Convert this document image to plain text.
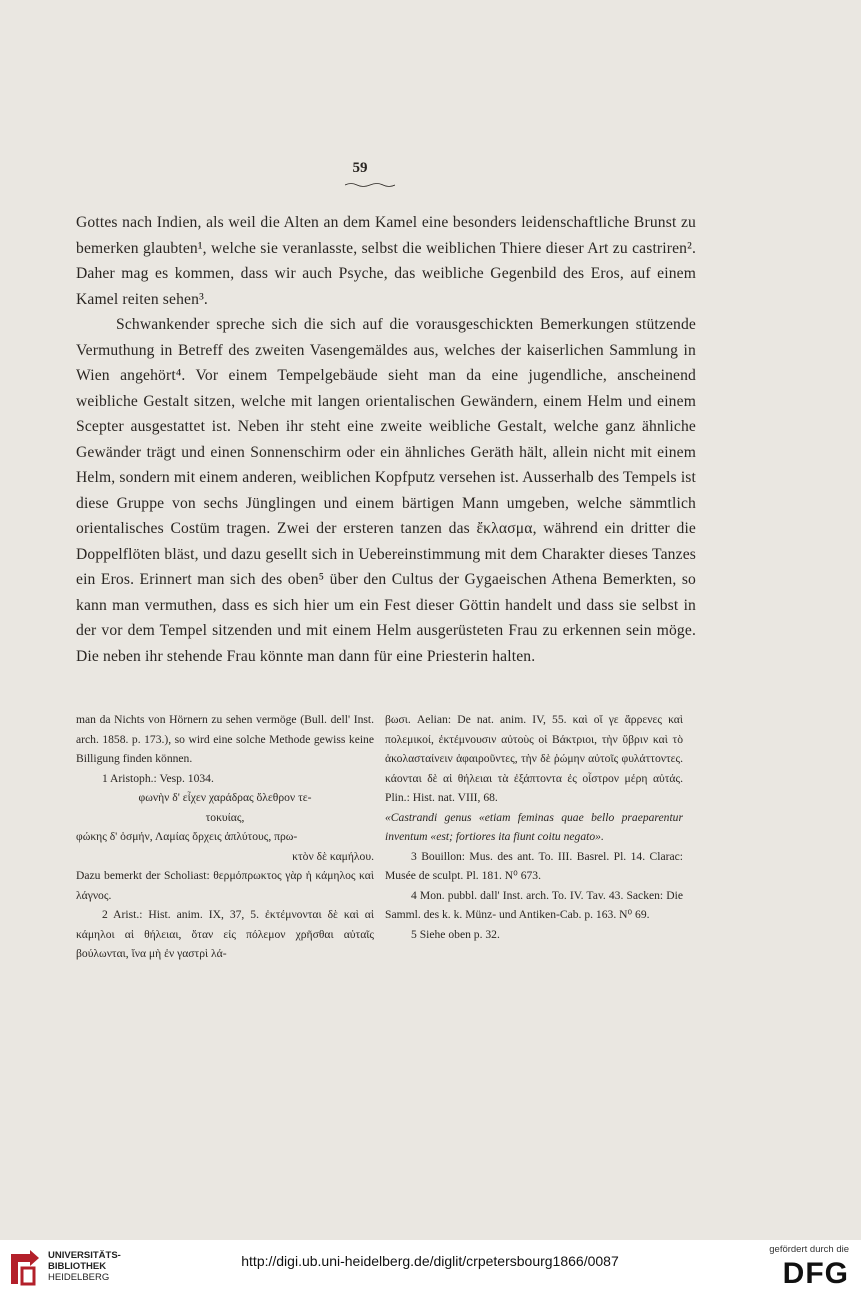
59

Gottes nach Indien, als weil die Alten an dem Kamel eine besonders leidenschaftliche Brunst zu bemerken glaubten¹, welche sie veranlasste, selbst die weiblichen Thiere dieser Art zu castriren². Daher mag es kommen, dass wir auch Psyche, das weibliche Gegenbild des Eros, auf einem Kamel reiten sehen³.

Schwankender spreche sich die sich auf die vorausgeschickten Bemerkungen stützende Vermuthung in Betreff des zweiten Vasengemäldes aus, welches der kaiserlichen Sammlung in Wien angehört⁴. Vor einem Tempelgebäude sieht man da eine jugendliche, anscheinend weibliche Gestalt sitzen, welche mit langen orientalischen Gewändern, einem Helm und einem Scepter ausgestattet ist. Neben ihr steht eine zweite weibliche Gestalt, welche ganz ähnliche Gewänder trägt und einen Sonnenschirm oder ein ähnliches Geräth hält, allein nicht mit einem Helm, sondern mit einem anderen, weiblichen Kopfputz versehen ist. Ausserhalb des Tempels ist diese Gruppe von sechs Jünglingen und einem bärtigen Mann umgeben, welche sämmtlich orientalisches Costüm tragen. Zwei der ersteren tanzen das ἔκλασμα, während ein dritter die Doppelflöten bläst, und dazu gesellt sich in Uebereinstimmung mit dem Charakter dieses Tanzes ein Eros. Erinnert man sich des oben⁵ über den Cultus der Gygaeischen Athena Bemerkten, so kann man vermuthen, dass es sich hier um ein Fest dieser Göttin handelt und dass sie selbst in der vor dem Tempel sitzenden und mit einem Helm ausgerüsteten Frau zu erkennen sein möge. Die neben ihr stehende Frau könnte man dann für eine Priesterin halten.

man da Nichts von Hörnern zu sehen vermöge (Bull. dell' Inst. arch. 1858. p. 173.), so wird eine solche Methode gewiss keine Billigung finden können.

1 Aristoph.: Vesp. 1034.

φωνὴν δ' εἶχεν χαράδρας ὄλεθρον τε-

τοκυίας,

φώκης δ' ὀσμήν, Λαμίας ὄρχεις ἀπλύτους, πρω-

κτὸν δὲ καμήλου.

Dazu bemerkt der Scholiast: θερμόπρωκτος γὰρ ἡ κάμηλος καὶ λάγνος.

2 Arist.: Hist. anim. IX, 37, 5. ἐκτέμνονται δὲ καὶ αἱ κάμηλοι αἱ θήλειαι, ὅταν εἰς πόλεμον χρῆσθαι αὐταῖς βούλωνται, ἵνα μὴ ἐν γαστρὶ λά-

βωσι. Aelian: De nat. anim. IV, 55. καὶ οἵ γε ἄρρενες καὶ πολεμικοί, ἐκτέμνουσιν αὐτοὺς οἱ Βάκτριοι, τὴν ὕβριν καὶ τὸ ἀκολασταίνειν ἀφαιροῦντες, τὴν δὲ ῥώμην αὐτοῖς φυλάττοντες. κάονται δὲ αἱ θήλειαι τὰ ἐξάπτοντα ἐς οἶστρον μέρη αὐτάς. Plin.: Hist. nat. VIII, 68.

«Castrandi genus «etiam feminas quae bello praeparentur inventum «est; fortiores ita fiunt coitu negato».

3 Bouillon: Mus. des ant. To. III. Basrel. Pl. 14. Clarac: Musée de sculpt. Pl. 181. N⁰ 673.

4 Mon. pubbl. dall' Inst. arch. To. IV. Tav. 43. Sacken: Die Samml. des k. k. Münz- und Antiken-Cab. p. 163. N⁰ 69.

5 Siehe oben p. 32.

UNIVERSITÄTS-
BIBLIOTHEK
HEIDELBERG
http://digi.ub.uni-heidelberg.de/diglit/crpetersbourg1866/0087
gefördert durch die
DFG
